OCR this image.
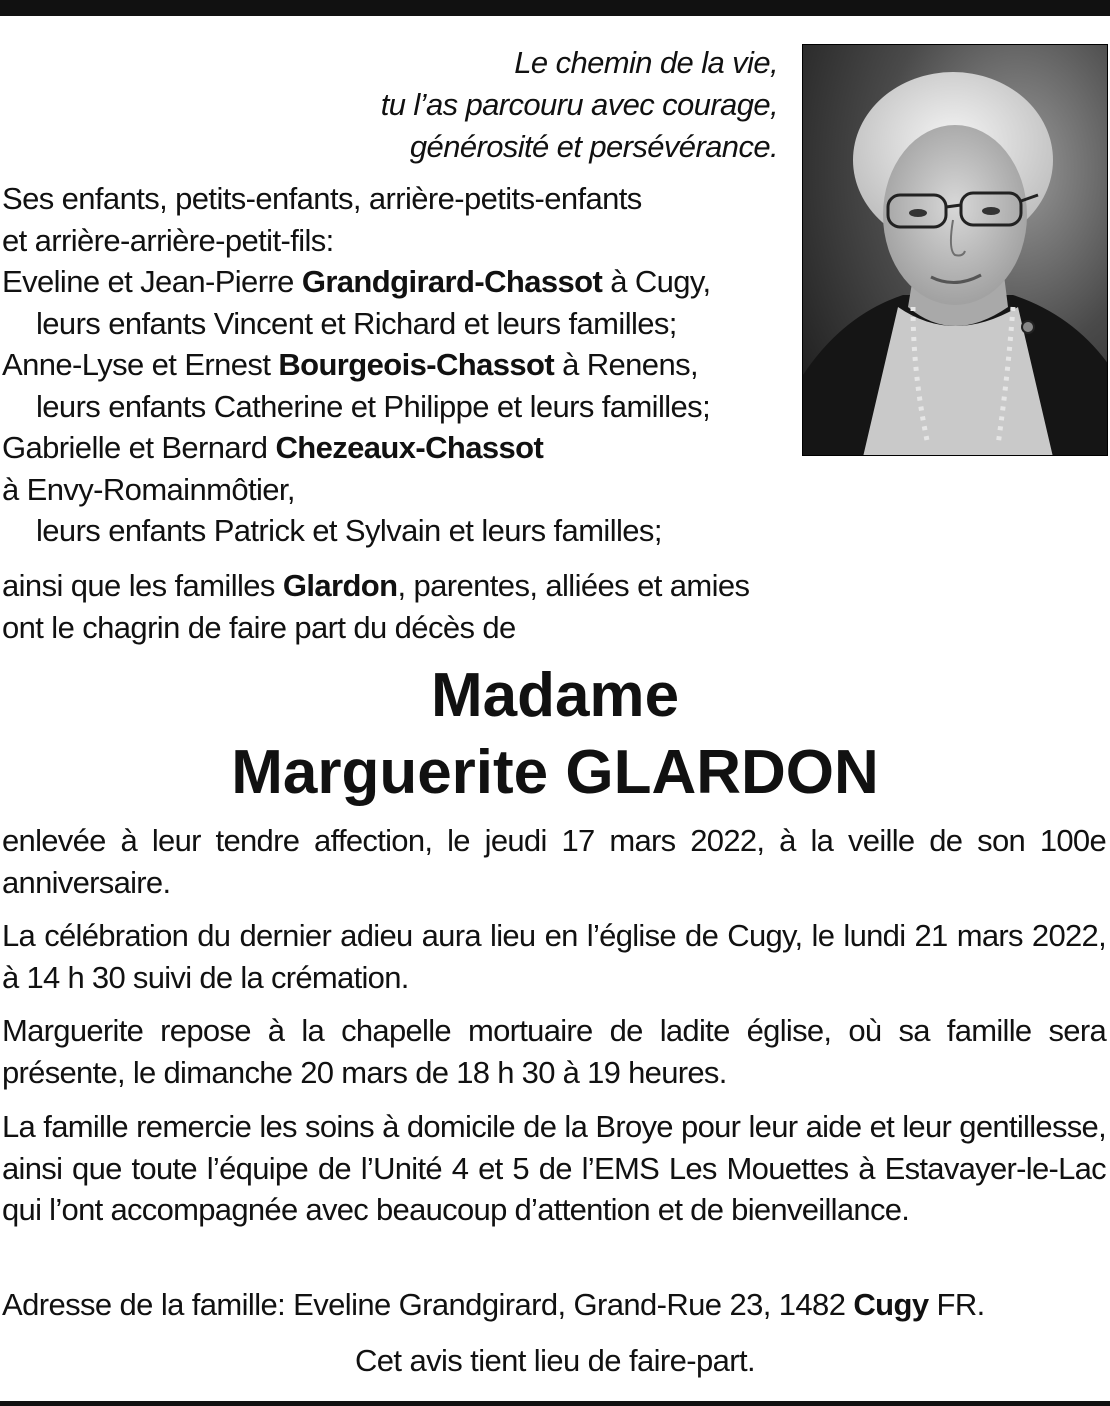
Le chemin de la vie,
tu l’as parcouru avec courage,
générosité et persévérance.
Ses enfants, petits-enfants, arrière-petits-enfants
et arrière-arrière-petit-fils:
Eveline et Jean-Pierre Grandgirard-Chassot à Cugy,
leurs enfants Vincent et Richard et leurs familles;
Anne-Lyse et Ernest Bourgeois-Chassot à Renens,
leurs enfants Catherine et Philippe et leurs familles;
Gabrielle et Bernard Chezeaux-Chassot
à Envy-Romainmôtier,
leurs enfants Patrick et Sylvain et leurs familles;
ainsi que les familles Glardon, parentes, alliées et amies
ont le chagrin de faire part du décès de
Madame
Marguerite GLARDON
enlevée à leur tendre affection, le jeudi 17 mars 2022, à la veille de son 100e anniversaire.
La célébration du dernier adieu aura lieu en l’église de Cugy, le lundi 21 mars 2022, à 14 h 30 suivi de la crémation.
Marguerite repose à la chapelle mortuaire de ladite église, où sa famille sera présente, le dimanche 20 mars de 18 h 30 à 19 heures.
La famille remercie les soins à domicile de la Broye pour leur aide et leur gentillesse, ainsi que toute l’équipe de l’Unité 4 et 5 de l’EMS Les Mouettes à Estavayer-le-Lac qui l’ont accompagnée avec beaucoup d’attention et de bienveillance.
Adresse de la famille: Eveline Grandgirard, Grand-Rue 23, 1482 Cugy FR.
Cet avis tient lieu de faire-part.
